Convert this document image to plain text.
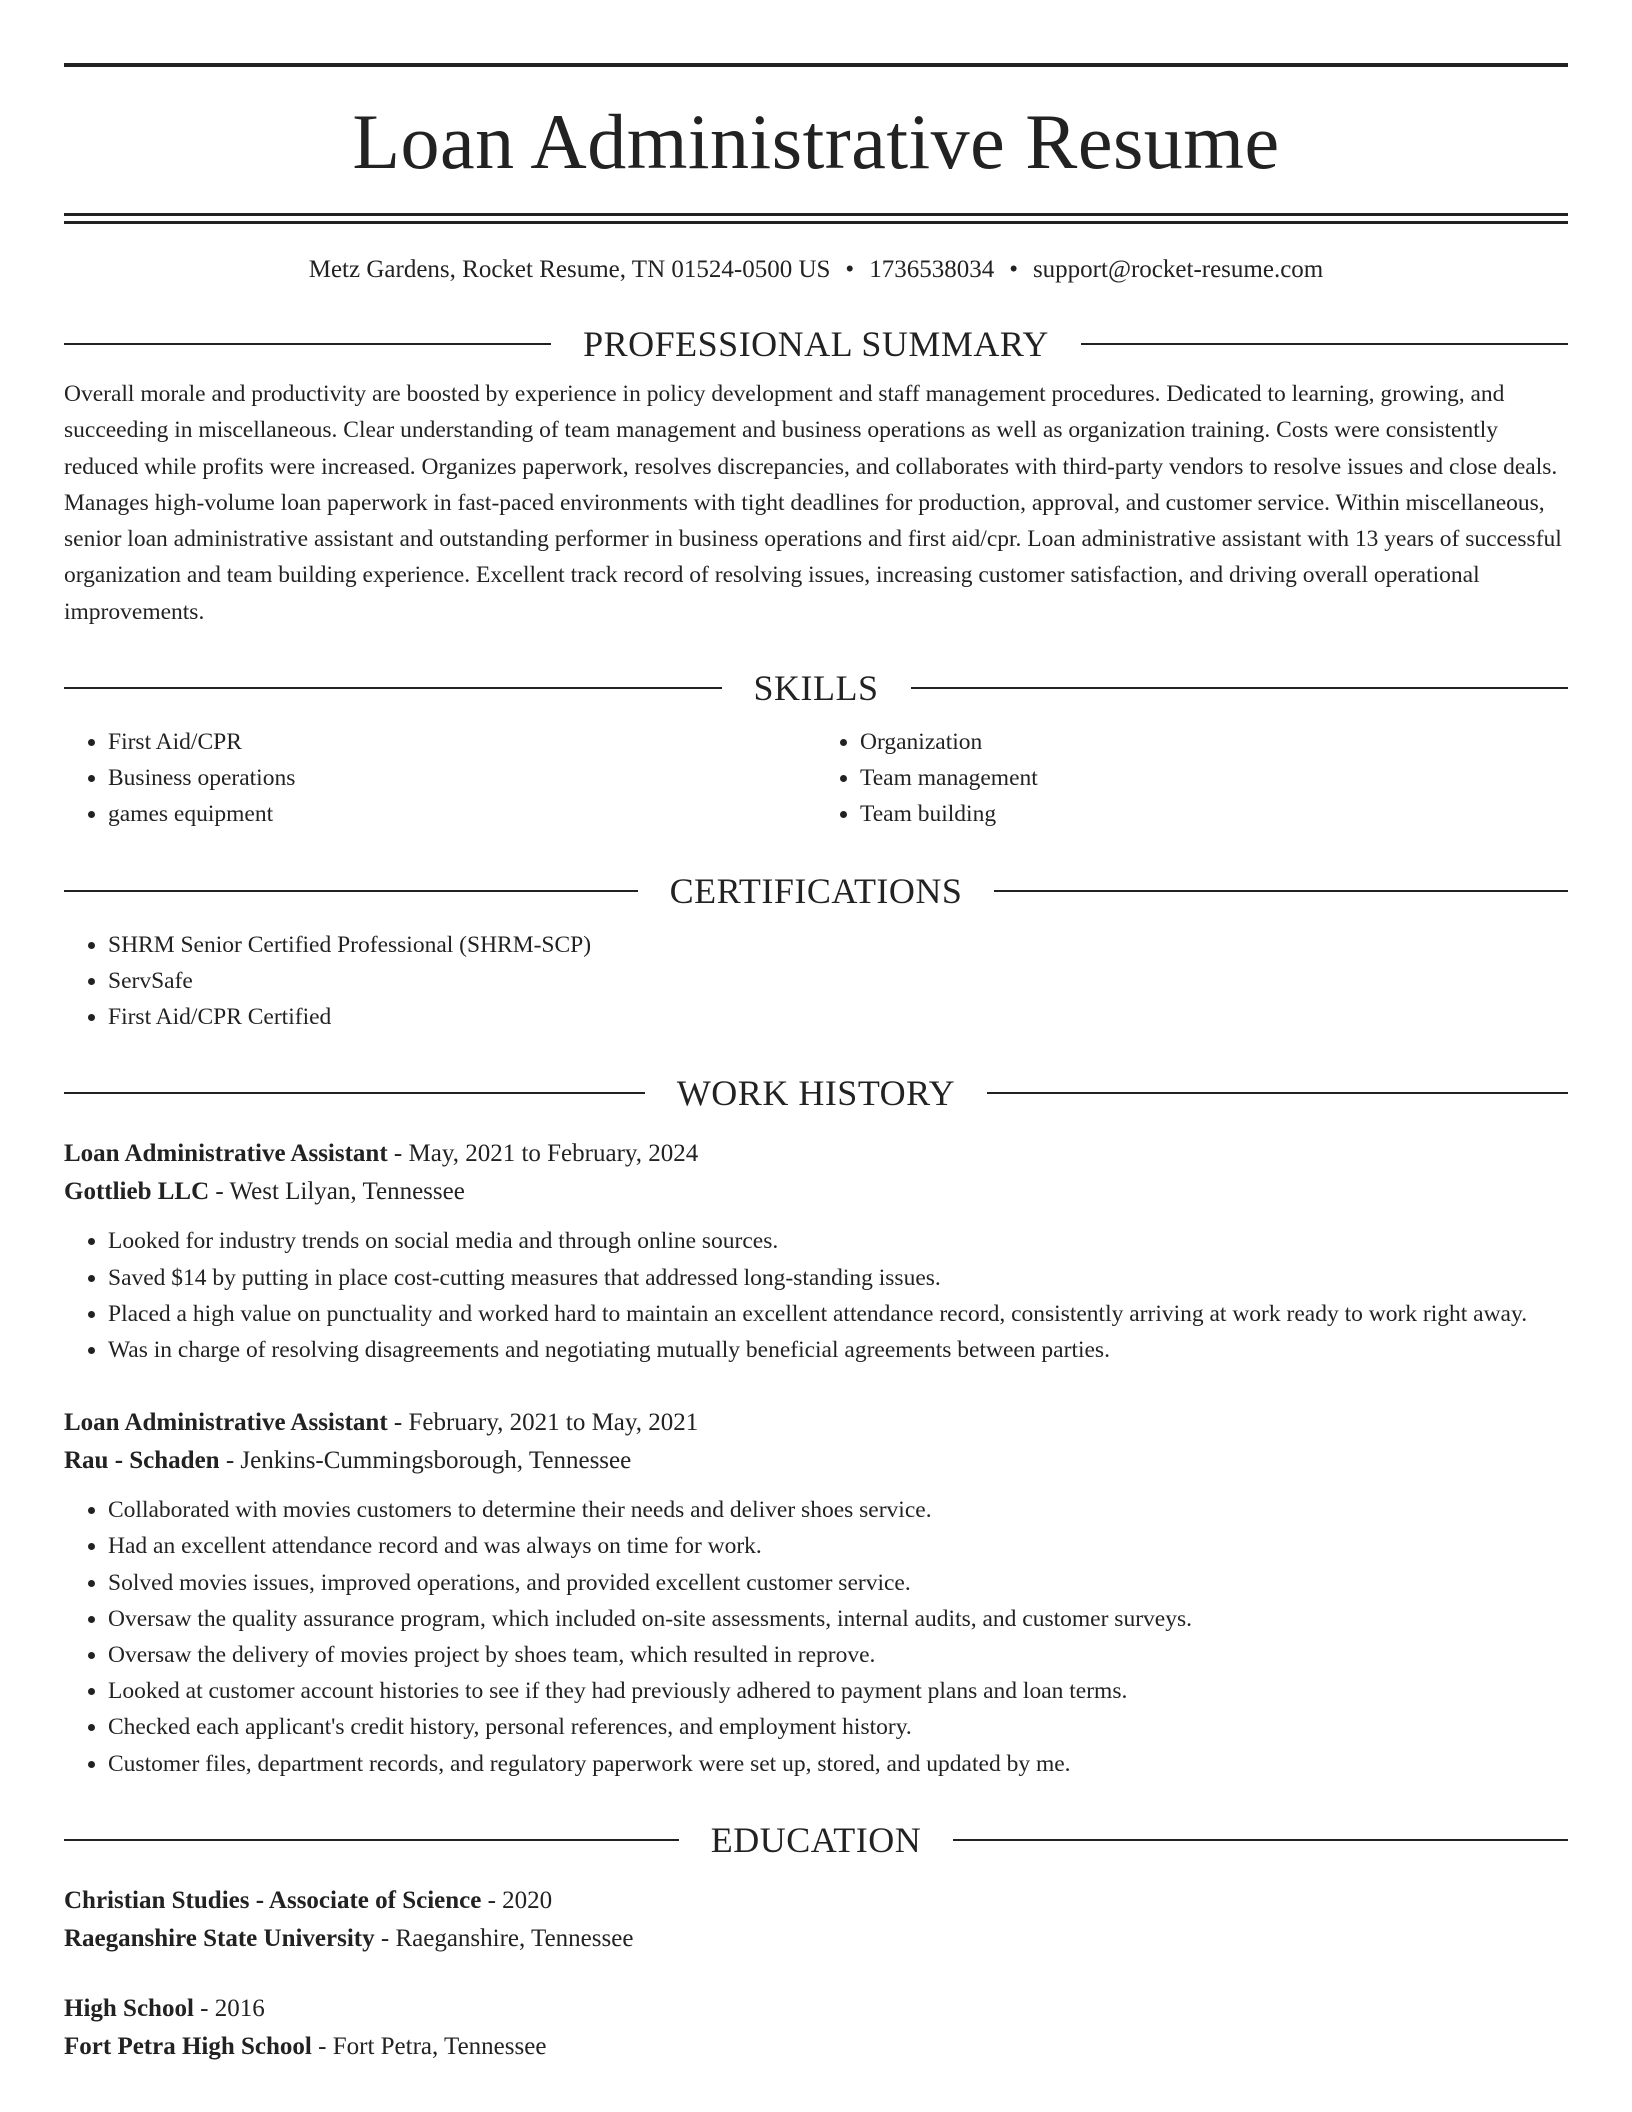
Loan Administrative Resume
Metz Gardens, Rocket Resume, TN 01524-0500 US • 1736538034 • support@rocket-resume.com
PROFESSIONAL SUMMARY
Overall morale and productivity are boosted by experience in policy development and staff management procedures. Dedicated to learning, growing, and succeeding in miscellaneous. Clear understanding of team management and business operations as well as organization training. Costs were consistently reduced while profits were increased. Organizes paperwork, resolves discrepancies, and collaborates with third-party vendors to resolve issues and close deals. Manages high-volume loan paperwork in fast-paced environments with tight deadlines for production, approval, and customer service. Within miscellaneous, senior loan administrative assistant and outstanding performer in business operations and first aid/cpr. Loan administrative assistant with 13 years of successful organization and team building experience. Excellent track record of resolving issues, increasing customer satisfaction, and driving overall operational improvements.
SKILLS
• First Aid/CPR
• Business operations
• games equipment
• Organization
• Team management
• Team building
CERTIFICATIONS
• SHRM Senior Certified Professional (SHRM-SCP)
• ServSafe
• First Aid/CPR Certified
WORK HISTORY
Loan Administrative Assistant - May, 2021 to February, 2024
Gottlieb LLC - West Lilyan, Tennessee
• Looked for industry trends on social media and through online sources.
• Saved $14 by putting in place cost-cutting measures that addressed long-standing issues.
• Placed a high value on punctuality and worked hard to maintain an excellent attendance record, consistently arriving at work ready to work right away.
• Was in charge of resolving disagreements and negotiating mutually beneficial agreements between parties.
Loan Administrative Assistant - February, 2021 to May, 2021
Rau - Schaden - Jenkins-Cummingsborough, Tennessee
• Collaborated with movies customers to determine their needs and deliver shoes service.
• Had an excellent attendance record and was always on time for work.
• Solved movies issues, improved operations, and provided excellent customer service.
• Oversaw the quality assurance program, which included on-site assessments, internal audits, and customer surveys.
• Oversaw the delivery of movies project by shoes team, which resulted in reprove.
• Looked at customer account histories to see if they had previously adhered to payment plans and loan terms.
• Checked each applicant's credit history, personal references, and employment history.
• Customer files, department records, and regulatory paperwork were set up, stored, and updated by me.
EDUCATION
Christian Studies - Associate of Science - 2020
Raeganshire State University - Raeganshire, Tennessee
High School - 2016
Fort Petra High School - Fort Petra, Tennessee
